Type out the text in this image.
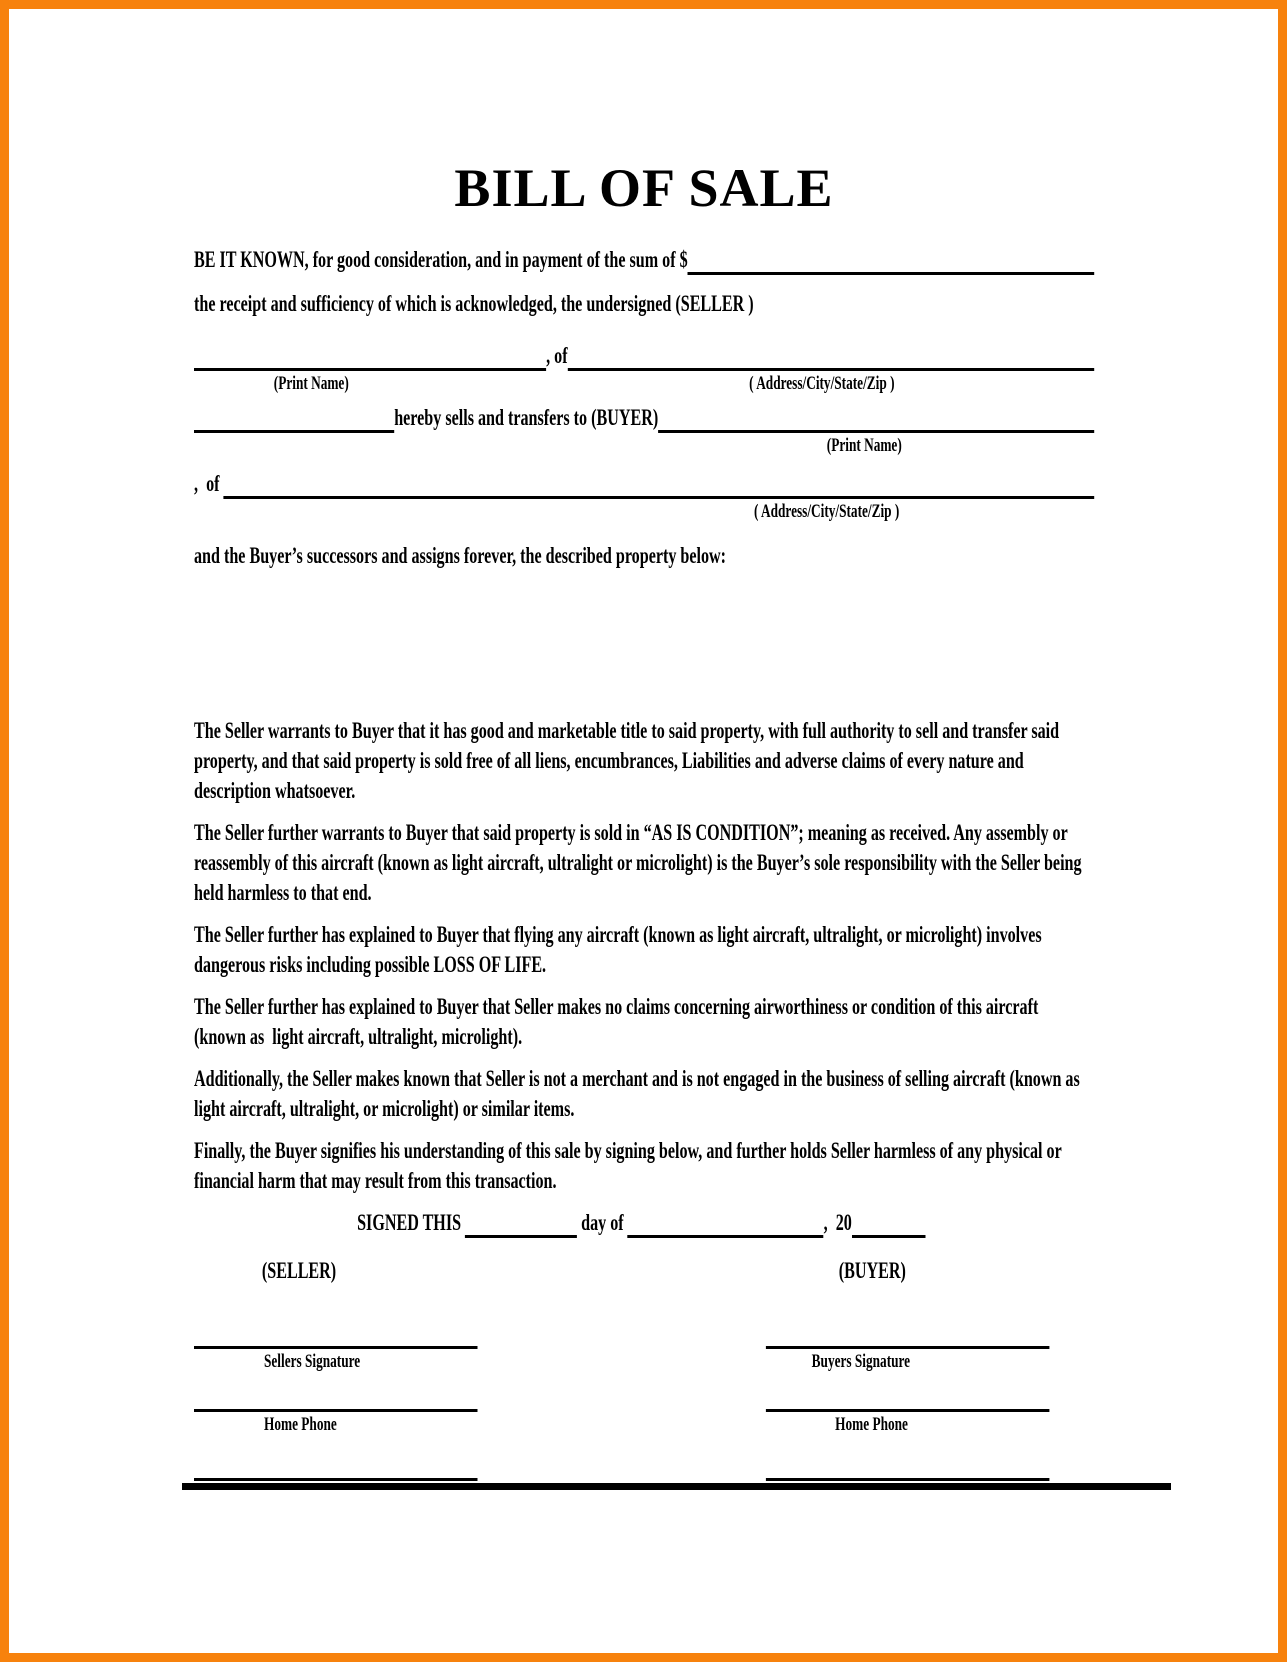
BILL OF SALE
BE IT KNOWN, for good consideration, and in payment of the sum of $

the receipt and sufficiency of which is acknowledged, the undersigned (SELLER )

, of
(Print Name)	( Address/City/State/Zip )
hereby sells and transfers to (BUYER)
(Print Name)
,  of
( Address/City/State/Zip )

and the Buyer’s successors and assigns forever, the described property below:

The Seller warrants to Buyer that it has good and marketable title to said property, with full authority to sell and transfer said property, and that said property is sold free of all liens, encumbrances, Liabilities and adverse claims of every nature and description whatsoever.

The Seller further warrants to Buyer that said property is sold in “AS IS CONDITION”; meaning as received. Any assembly or reassembly of this aircraft (known as light aircraft, ultralight or microlight) is the Buyer’s sole responsibility with the Seller being held harmless to that end.

The Seller further has explained to Buyer that flying any aircraft (known as light aircraft, ultralight, or microlight) involves dangerous risks including possible LOSS OF LIFE.

The Seller further has explained to Buyer that Seller makes no claims concerning airworthiness or condition of this aircraft (known as  light aircraft, ultralight, microlight).

Additionally, the Seller makes known that Seller is not a merchant and is not engaged in the business of selling aircraft (known as  light aircraft, ultralight, or microlight) or similar items.

Finally, the Buyer signifies his understanding of this sale by signing below, and further holds Seller harmless of any physical or financial harm that may result from this transaction.

SIGNED THIS

	day of
	,  20
(SELLER)	(BUYER)
Sellers Signature	Buyers Signature
Home Phone	Home Phone
